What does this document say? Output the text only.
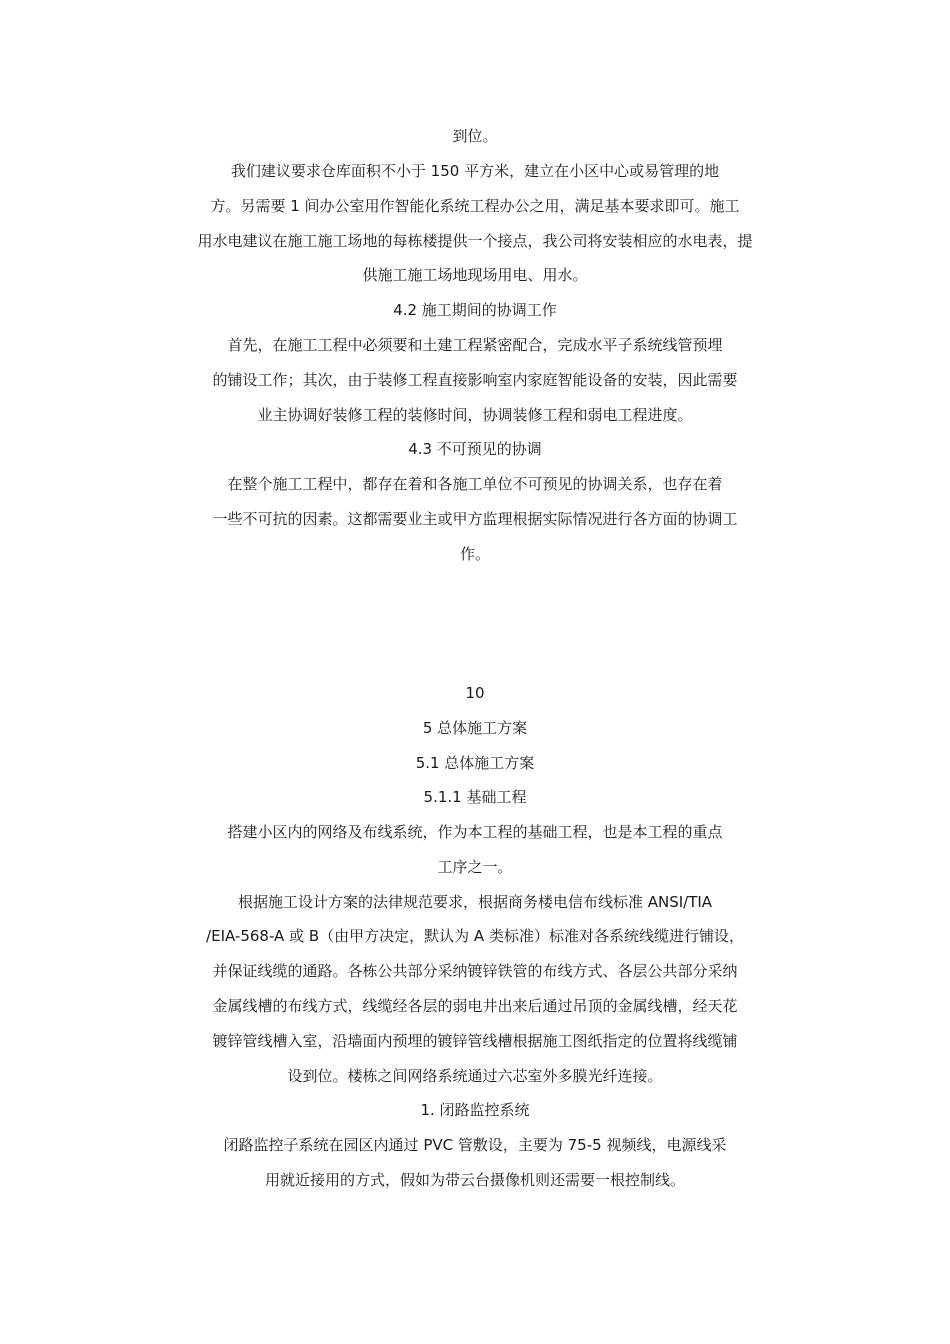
到位。
我们建议要求仓库面积不小于 150 平方米，建立在小区中心或易管理的地
方。另需要 1 间办公室用作智能化系统工程办公之用，满足基本要求即可。施工
用水电建议在施工施工场地的每栋楼提供一个接点，我公司将安装相应的水电表，提
供施工施工场地现场用电、用水。
4.2 施工期间的协调工作
首先，在施工工程中必须要和土建工程紧密配合，完成水平子系统线管预埋
的铺设工作；其次，由于装修工程直接影响室内家庭智能设备的安装，因此需要
业主协调好装修工程的装修时间，协调装修工程和弱电工程进度。
4.3 不可预见的协调
在整个施工工程中，都存在着和各施工单位不可预见的协调关系，也存在着
一些不可抗的因素。这都需要业主或甲方监理根据实际情况进行各方面的协调工
作。
10
5 总体施工方案
5.1 总体施工方案
5.1.1 基础工程
搭建小区内的网络及布线系统，作为本工程的基础工程，也是本工程的重点
工序之一。
根据施工设计方案的法律规范要求，根据商务楼电信布线标准 ANSI/TIA
/EIA-568-A 或 B（由甲方决定，默认为 A 类标准）标准对各系统线缆进行铺设，
并保证线缆的通路。各栋公共部分采纳镀锌铁管的布线方式、各层公共部分采纳
金属线槽的布线方式，线缆经各层的弱电井出来后通过吊顶的金属线槽，经天花
镀锌管线槽入室，沿墙面内预埋的镀锌管线槽根据施工图纸指定的位置将线缆铺
设到位。楼栋之间网络系统通过六芯室外多膜光纤连接。
1. 闭路监控系统
闭路监控子系统在园区内通过 PVC 管敷设，主要为 75-5 视频线，电源线采
用就近接用的方式，假如为带云台摄像机则还需要一根控制线。
